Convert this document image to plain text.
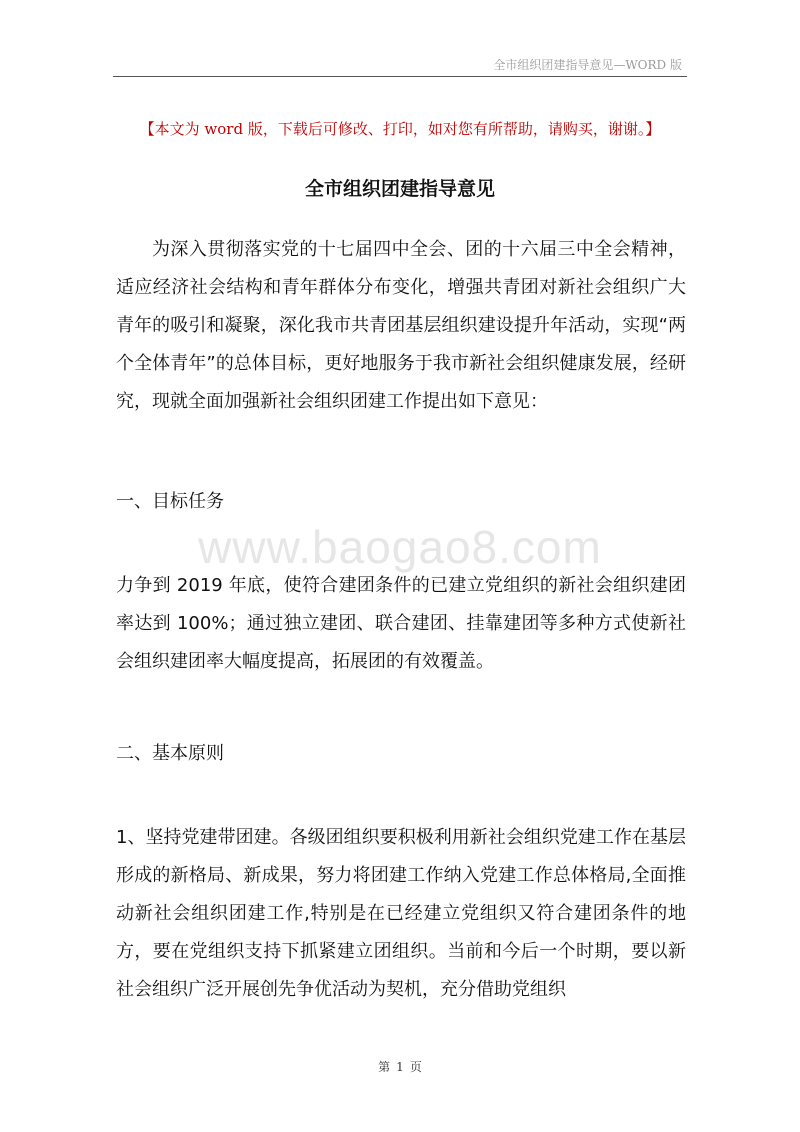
全市组织团建指导意见—WORD 版
【本文为 word 版，下载后可修改、打印，如对您有所帮助，请购买，谢谢。】
全市组织团建指导意见

为深入贯彻落实党的十七届四中全会、团的十六届三中全会精神，适应经济社会结构和青年群体分布变化，增强共青团对新社会组织广大青年的吸引和凝聚，深化我市共青团基层组织建设提升年活动，实现“两个全体青年”的总体目标，更好地服务于我市新社会组织健康发展，经研究，现就全面加强新社会组织团建工作提出如下意见：

一、目标任务

www.baogao8.com

力争到 2019 年底，使符合建团条件的已建立党组织的新社会组织建团率达到 100%；通过独立建团、联合建团、挂靠建团等多种方式使新社会组织建团率大幅度提高，拓展团的有效覆盖。

二、基本原则

1、坚持党建带团建。各级团组织要积极利用新社会组织党建工作在基层形成的新格局、新成果，努力将团建工作纳入党建工作总体格局,全面推动新社会组织团建工作,特别是在已经建立党组织又符合建团条件的地方，要在党组织支持下抓紧建立团组织。当前和今后一个时期，要以新社会组织广泛开展创先争优活动为契机，充分借助党组织

第 1 页
